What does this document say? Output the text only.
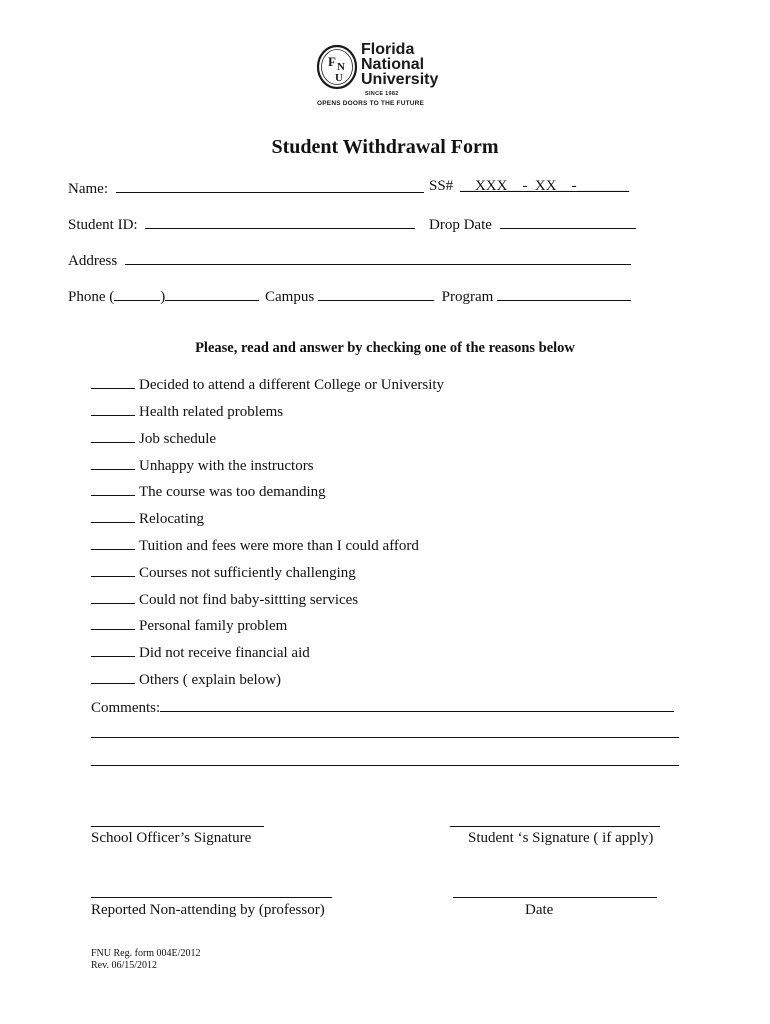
F N
U
Florida
National
University
SINCE 1982
OPENS DOORS TO THE FUTURE
Student Withdrawal Form
Name:	SS# __XXX__-_XX__-_______
Student ID:	Drop Date
Address
Phone (	)	Campus	Program
Please, read and answer by checking one of the reasons below
Decided to attend a different College or University
Health related problems
Job schedule
Unhappy with the instructors
The course was too demanding
Relocating
Tuition and fees were more than I could afford
Courses not sufficiently challenging
Could not find baby-sittting services
Personal family problem
Did not receive financial aid
Others ( explain below)
Comments:
School Officer’s Signature	Student ‘s Signature ( if apply)
Reported Non-attending by (professor)	Date
FNU Reg. form 004E/2012
Rev. 06/15/2012
